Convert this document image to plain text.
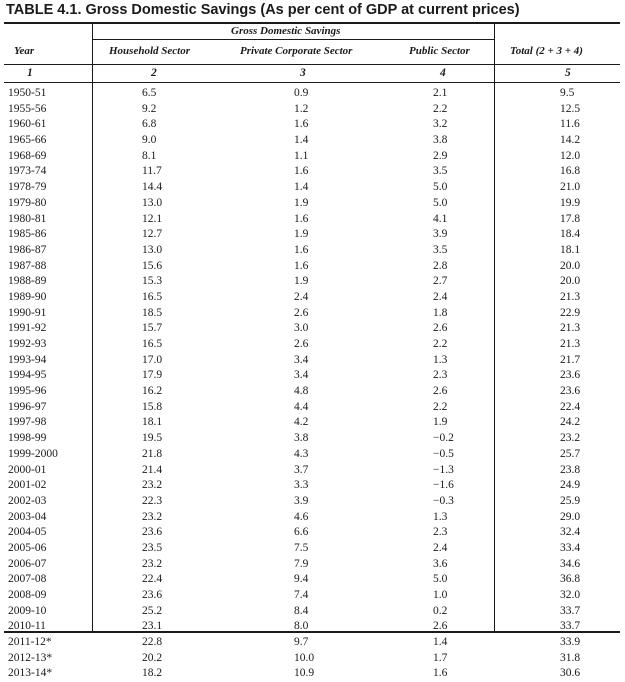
TABLE 4.1. Gross Domestic Savings (As per cent of GDP at current prices)
Gross Domestic Savings
Year	Household Sector	Private Corporate Sector	Public Sector	Total (2 + 3 + 4)
1	2	3	4	5
1950-51	6.5	0.9	2.1	9.5
1955-56	9.2	1.2	2.2	12.5
1960-61	6.8	1.6	3.2	11.6
1965-66	9.0	1.4	3.8	14.2
1968-69	8.1	1.1	2.9	12.0
1973-74	11.7	1.6	3.5	16.8
1978-79	14.4	1.4	5.0	21.0
1979-80	13.0	1.9	5.0	19.9
1980-81	12.1	1.6	4.1	17.8
1985-86	12.7	1.9	3.9	18.4
1986-87	13.0	1.6	3.5	18.1
1987-88	15.6	1.6	2.8	20.0
1988-89	15.3	1.9	2.7	20.0
1989-90	16.5	2.4	2.4	21.3
1990-91	18.5	2.6	1.8	22.9
1991-92	15.7	3.0	2.6	21.3
1992-93	16.5	2.6	2.2	21.3
1993-94	17.0	3.4	1.3	21.7
1994-95	17.9	3.4	2.3	23.6
1995-96	16.2	4.8	2.6	23.6
1996-97	15.8	4.4	2.2	22.4
1997-98	18.1	4.2	1.9	24.2
1998-99	19.5	3.8	−0.2	23.2
1999-2000	21.8	4.3	−0.5	25.7
2000-01	21.4	3.7	−1.3	23.8
2001-02	23.2	3.3	−1.6	24.9
2002-03	22.3	3.9	−0.3	25.9
2003-04	23.2	4.6	1.3	29.0
2004-05	23.6	6.6	2.3	32.4
2005-06	23.5	7.5	2.4	33.4
2006-07	23.2	7.9	3.6	34.6
2007-08	22.4	9.4	5.0	36.8
2008-09	23.6	7.4	1.0	32.0
2009-10	25.2	8.4	0.2	33.7
2010-11	23.1	8.0	2.6	33.7
2011-12*	22.8	9.7	1.4	33.9
2012-13*	20.2	10.0	1.7	31.8
2013-14*	18.2	10.9	1.6	30.6
